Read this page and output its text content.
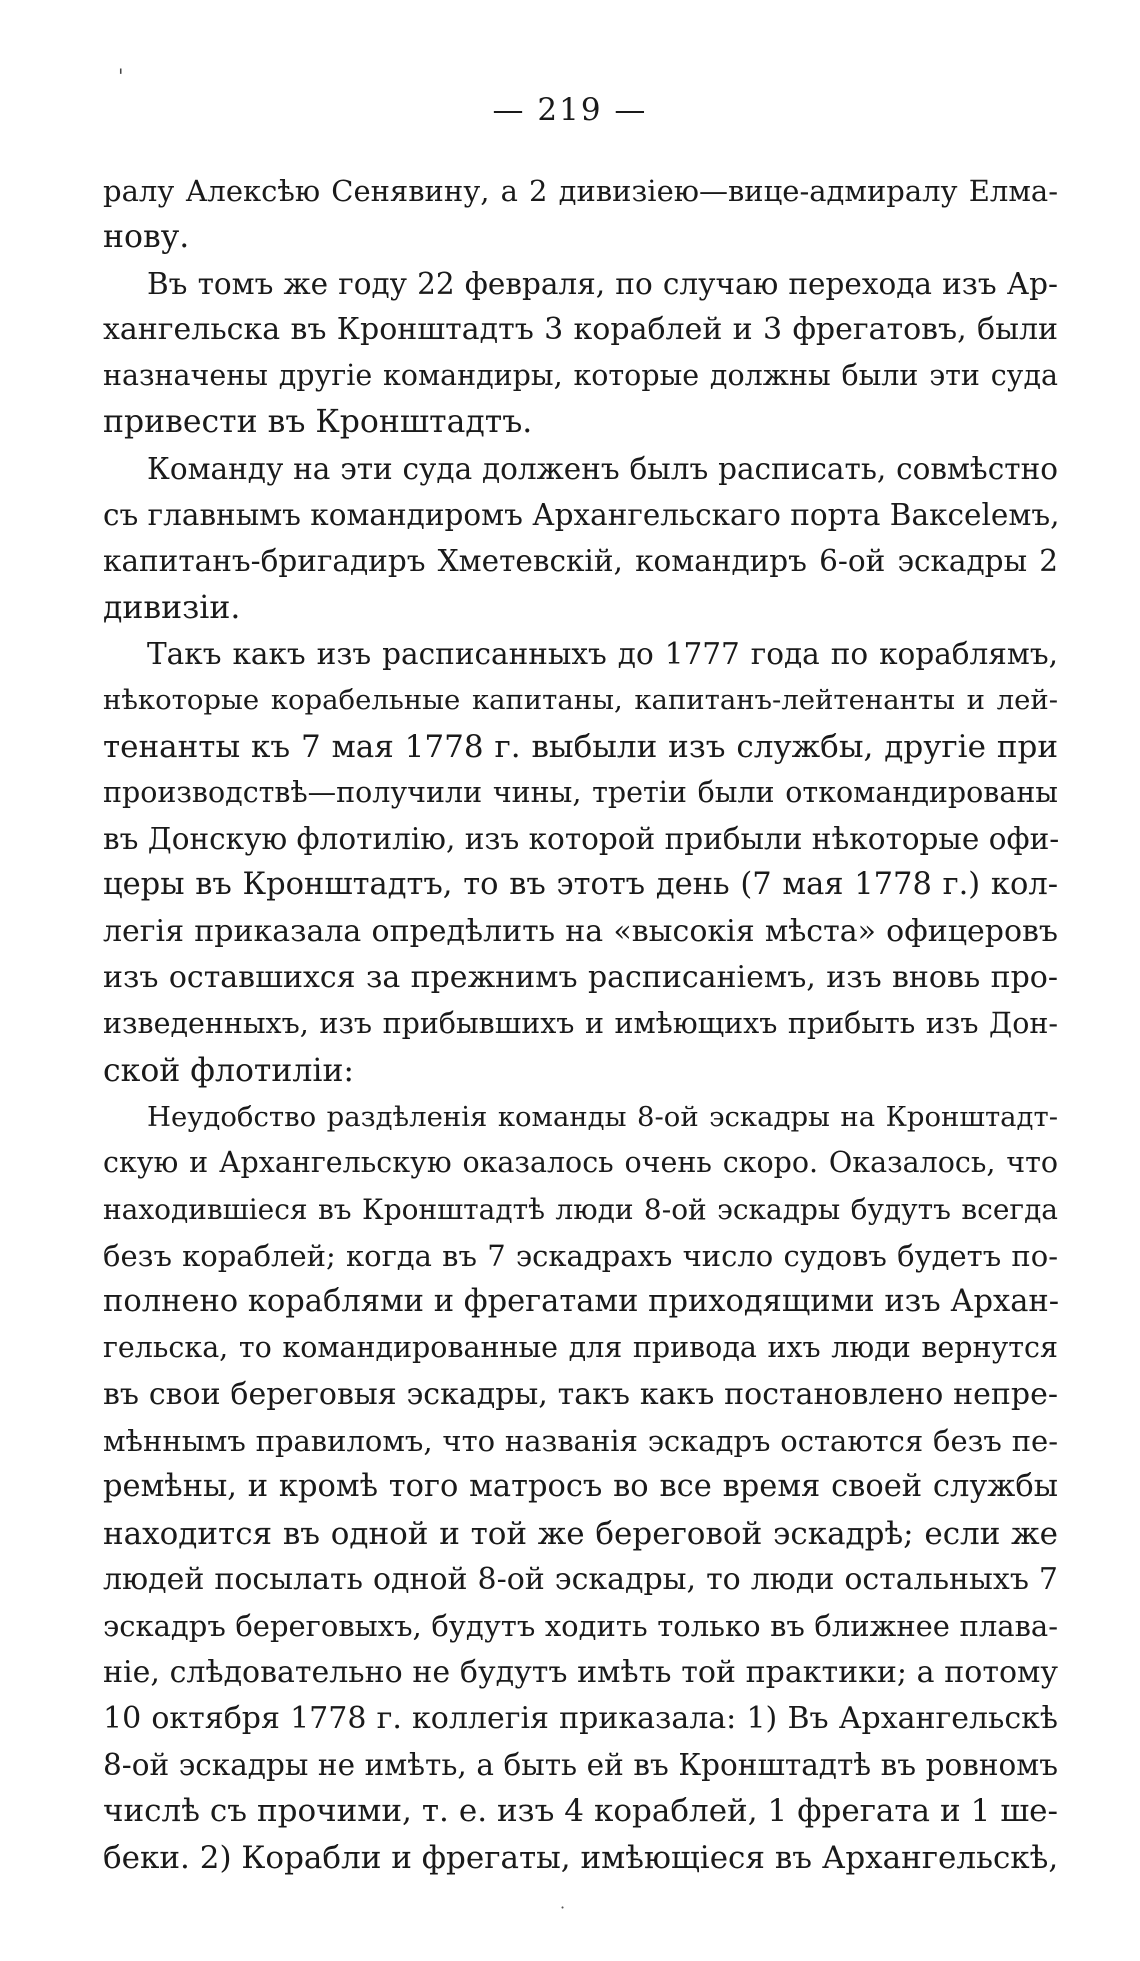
'
— 219 —
ралу Алексѣю Сенявину, а 2 дивизіею—вице-адмиралу Елма-
нову.
Въ томъ же году 22 февраля, по случаю перехода изъ Ар-
хангельска въ Кронштадтъ 3 кораблей и 3 фрегатовъ, были
назначены другіе командиры, которые должны были эти суда
привести въ Кронштадтъ.
Команду на эти суда долженъ былъ расписать, совмѣстно
съ главнымъ командиромъ Архангельскаго порта Ваксelемъ,
капитанъ-бригадиръ Хметевскій, командиръ 6-ой эскадры 2
дивизіи.
Такъ какъ изъ расписанныхъ до 1777 года по кораблямъ,
нѣкоторые корабельные капитаны, капитанъ-лейтенанты и лей-
тенанты къ 7 мая 1778 г. выбыли изъ службы, другіе при
производствѣ—получили чины, третіи были откомандированы
въ Донскую флотилію, изъ которой прибыли нѣкоторые офи-
церы въ Кронштадтъ, то въ этотъ день (7 мая 1778 г.) кол-
легія приказала опредѣлить на «высокія мѣста» офицеровъ
изъ оставшихся за прежнимъ расписаніемъ, изъ вновь про-
изведенныхъ, изъ прибывшихъ и имѣющихъ прибыть изъ Дон-
ской флотиліи:
Неудобство раздѣленія команды 8-ой эскадры на Кронштадт-
скую и Архангельскую оказалось очень скоро. Оказалось, что
находившіеся въ Кронштадтѣ люди 8-ой эскадры будутъ всегда
безъ кораблей; когда въ 7 эскадрахъ число судовъ будетъ по-
полнено кораблями и фрегатами приходящими изъ Архан-
гельска, то командированные для привода ихъ люди вернутся
въ свои береговыя эскадры, такъ какъ постановлено непре-
мѣннымъ правиломъ, что названія эскадръ остаются безъ пе-
ремѣны, и кромѣ того матросъ во все время своей службы
находится въ одной и той же береговой эскадрѣ; если же
людей посылать одной 8-ой эскадры, то люди остальныхъ 7
эскадръ береговыхъ, будутъ ходить только въ ближнее плава-
ніе, слѣдовательно не будутъ имѣть той практики; а потому
10 октября 1778 г. коллегія приказала: 1) Въ Архангельскѣ
8-ой эскадры не имѣть, а быть ей въ Кронштадтѣ въ ровномъ
числѣ съ прочими, т. е. изъ 4 кораблей, 1 фрегата и 1 ше-
беки. 2) Корабли и фрегаты, имѣющіеся въ Архангельскѣ,
·
